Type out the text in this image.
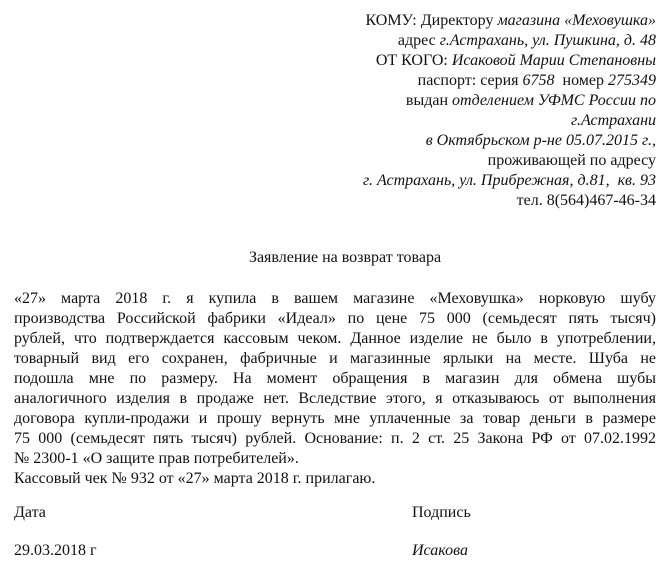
КОМУ: Директору магазина «Меховушка»
адрес г.Астрахань, ул. Пушкина, д. 48
ОТ КОГО: Исаковой Марии Степановны
паспорт: серия 6758  номер 275349
выдан отделением УФМС России по
г.Астрахани
в Октябрьском р-не 05.07.2015 г.,
проживающей по адресу
г. Астрахань, ул. Прибрежная, д.81,  кв. 93
тел. 8(564)467-46-34
Заявление на возврат товара
«27» марта 2018 г. я купила в вашем магазине «Меховушка» норковую шубу
производства Российской фабрики «Идеал» по цене 75 000 (семьдесят пять тысяч)
рублей, что подтверждается кассовым чеком. Данное изделие не было в употреблении,
товарный вид его сохранен, фабричные и магазинные ярлыки на месте. Шуба не
подошла мне по размеру. На момент обращения в магазин для обмена шубы
аналогичного изделия в продаже нет. Вследствие этого, я отказываюсь от выполнения
договора купли-продажи и прошу вернуть мне уплаченные за товар деньги в размере
75 000 (семьдесят пять тысяч) рублей. Основание: п. 2 ст. 25 Закона РФ от 07.02.1992
№ 2300-1 «О защите прав потребителей».
Кассовый чек № 932 от «27» марта 2018 г. прилагаю.
Дата	Подпись
29.03.2018 г	Исакова
